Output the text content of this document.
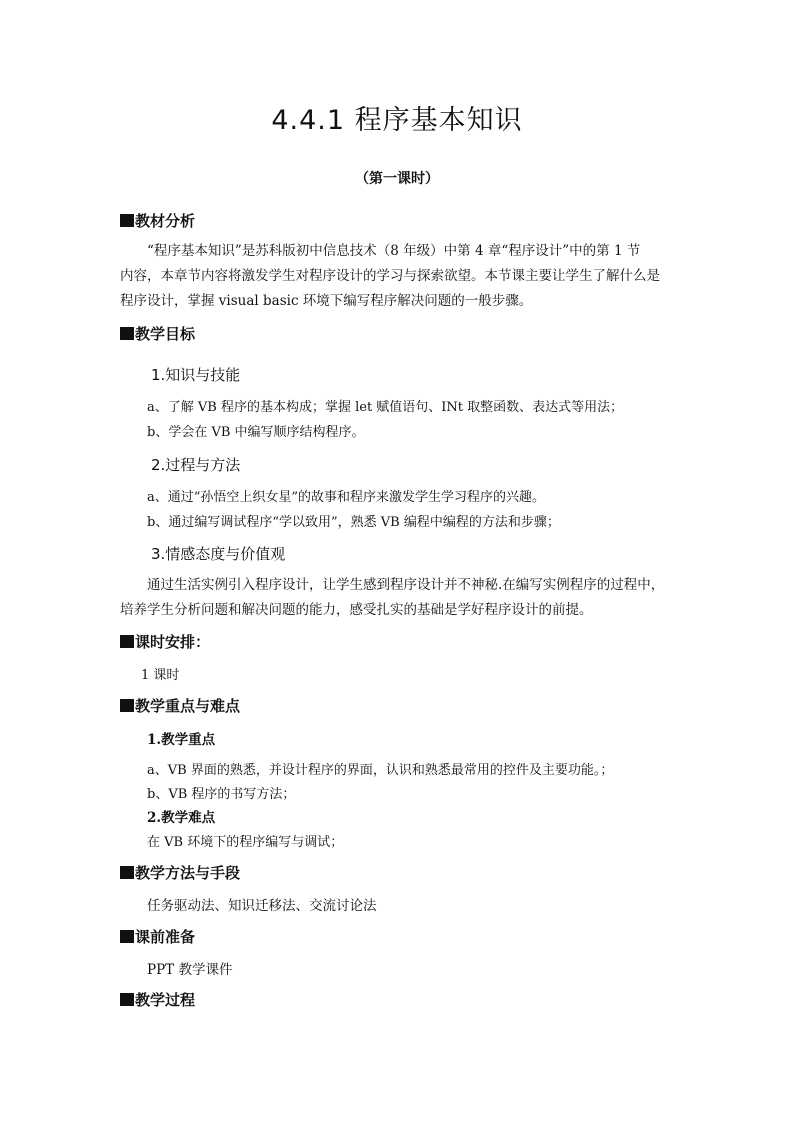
4.4.1 程序基本知识
（第一课时）
教材分析
“程序基本知识”是苏科版初中信息技术（8 年级）中第 4 章“程序设计”中的第 1 节
内容，本章节内容将激发学生对程序设计的学习与探索欲望。本节课主要让学生了解什么是
程序设计，掌握 visual basic 环境下编写程序解决问题的一般步骤。
教学目标
1.知识与技能
a、了解 VB 程序的基本构成；掌握 let 赋值语句、INt 取整函数、表达式等用法；
b、学会在 VB 中编写顺序结构程序。
2.过程与方法
a、通过“孙悟空上织女星”的故事和程序来激发学生学习程序的兴趣。
b、通过编写调试程序“学以致用”，熟悉 VB 编程中编程的方法和步骤；
3.情感态度与价值观
通过生活实例引入程序设计，让学生感到程序设计并不神秘.在编写实例程序的过程中，
培养学生分析问题和解决问题的能力，感受扎实的基础是学好程序设计的前提。
课时安排：
1 课时
教学重点与难点
1.教学重点
a、VB 界面的熟悉，并设计程序的界面，认识和熟悉最常用的控件及主要功能。；
b、VB 程序的书写方法；
2.教学难点
在 VB 环境下的程序编写与调试；
教学方法与手段
任务驱动法、知识迁移法、交流讨论法
课前准备
PPT 教学课件
教学过程
